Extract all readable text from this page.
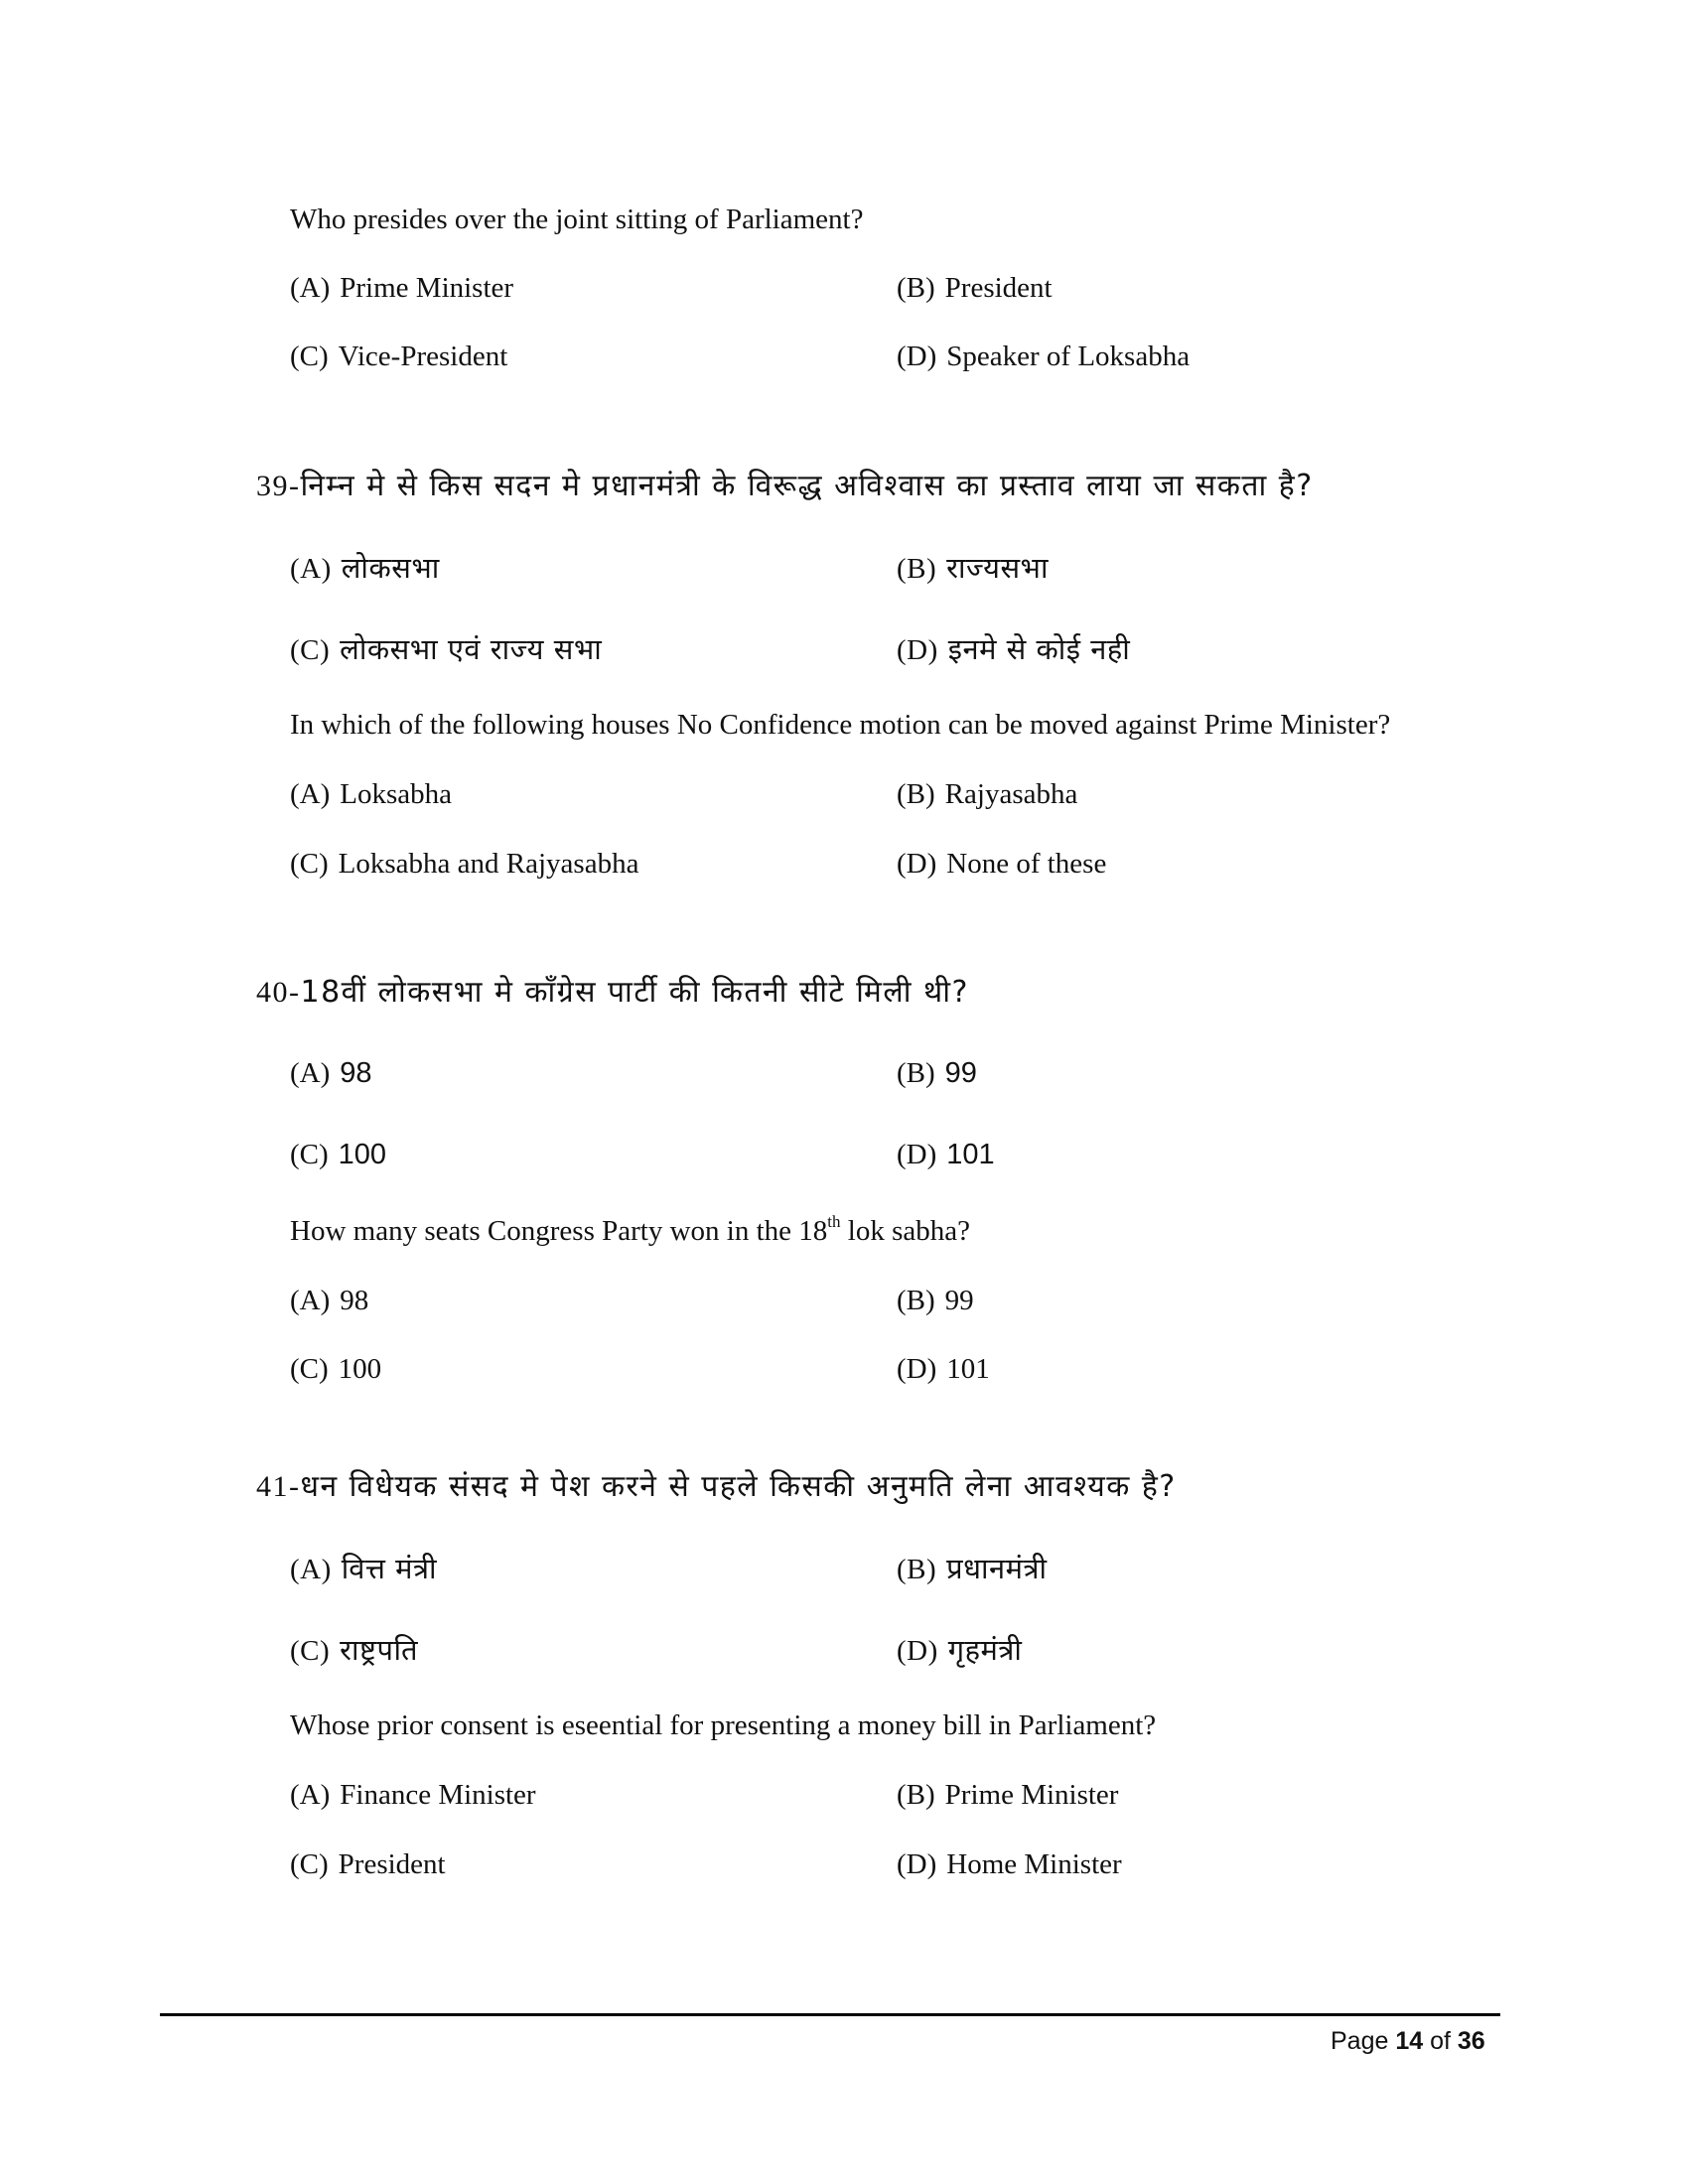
Who presides over the joint sitting of Parliament?
(A) Prime Minister	(B) President
(C) Vice-President	(D) Speaker of Loksabha
39-निम्न मे से किस सदन मे प्रधानमंत्री के विरूद्ध अविश्वास का प्रस्ताव लाया जा सकता है?
(A) लोकसभा	(B) राज्यसभा
(C) लोकसभा एवं राज्य सभा	(D) इनमे से कोई नही
In which of the following houses No Confidence motion can be moved against Prime Minister?
(A) Loksabha	(B) Rajyasabha
(C) Loksabha and Rajyasabha	(D) None of these
40-18वीं लोकसभा मे कॉंग्रेस पार्टी की कितनी सीटे मिली थी?
(A) 98	(B) 99
(C) 100	(D) 101
How many seats Congress Party won in the 18th lok sabha?
(A) 98	(B) 99
(C) 100	(D) 101
41-धन विधेयक संसद मे पेश करने से पहले किसकी अनुमति लेना आवश्यक है?
(A) वित्त मंत्री	(B) प्रधानमंत्री
(C) राष्ट्रपति	(D) गृहमंत्री
Whose prior consent is eseential for presenting a money bill in Parliament?
(A) Finance Minister	(B) Prime Minister
(C) President	(D) Home Minister
Page 14 of 36
